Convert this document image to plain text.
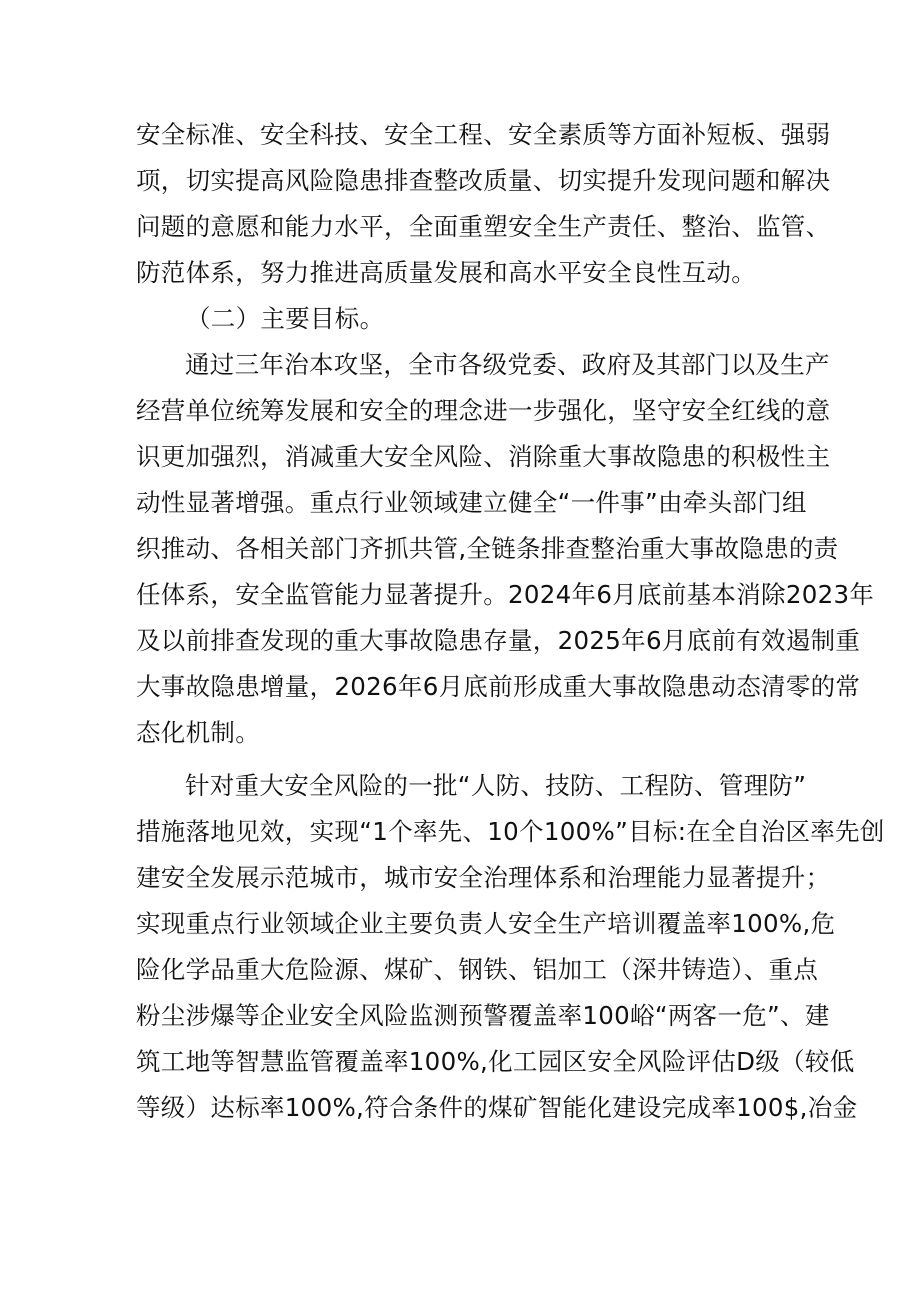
安全标准、安全科技、安全工程、安全素质等方面补短板、强弱
项，切实提高风险隐患排查整改质量、切实提升发现问题和解决
问题的意愿和能力水平，全面重塑安全生产责任、整治、监管、
防范体系，努力推进高质量发展和高水平安全良性互动。
（二）主要目标。
通过三年治本攻坚，全市各级党委、政府及其部门以及生产
经营单位统筹发展和安全的理念进一步强化，坚守安全红线的意
识更加强烈，消减重大安全风险、消除重大事故隐患的积极性主
动性显著增强。重点行业领域建立健全“一件事”由牵头部门组
织推动、各相关部门齐抓共管,全链条排查整治重大事故隐患的责
任体系，安全监管能力显著提升。2024年6月底前基本消除2023年
及以前排查发现的重大事故隐患存量，2025年6月底前有效遏制重
大事故隐患增量，2026年6月底前形成重大事故隐患动态清零的常
态化机制。
针对重大安全风险的一批“人防、技防、工程防、管理防”
措施落地见效，实现“1个率先、10个100%”目标:在全自治区率先创
建安全发展示范城市，城市安全治理体系和治理能力显著提升；
实现重点行业领域企业主要负责人安全生产培训覆盖率100%,危
险化学品重大危险源、煤矿、钢铁、铝加工（深井铸造）、重点
粉尘涉爆等企业安全风险监测预警覆盖率100峪“两客一危”、建
筑工地等智慧监管覆盖率100%,化工园区安全风险评估D级（较低
等级）达标率100%,符合条件的煤矿智能化建设完成率100$,冶金
